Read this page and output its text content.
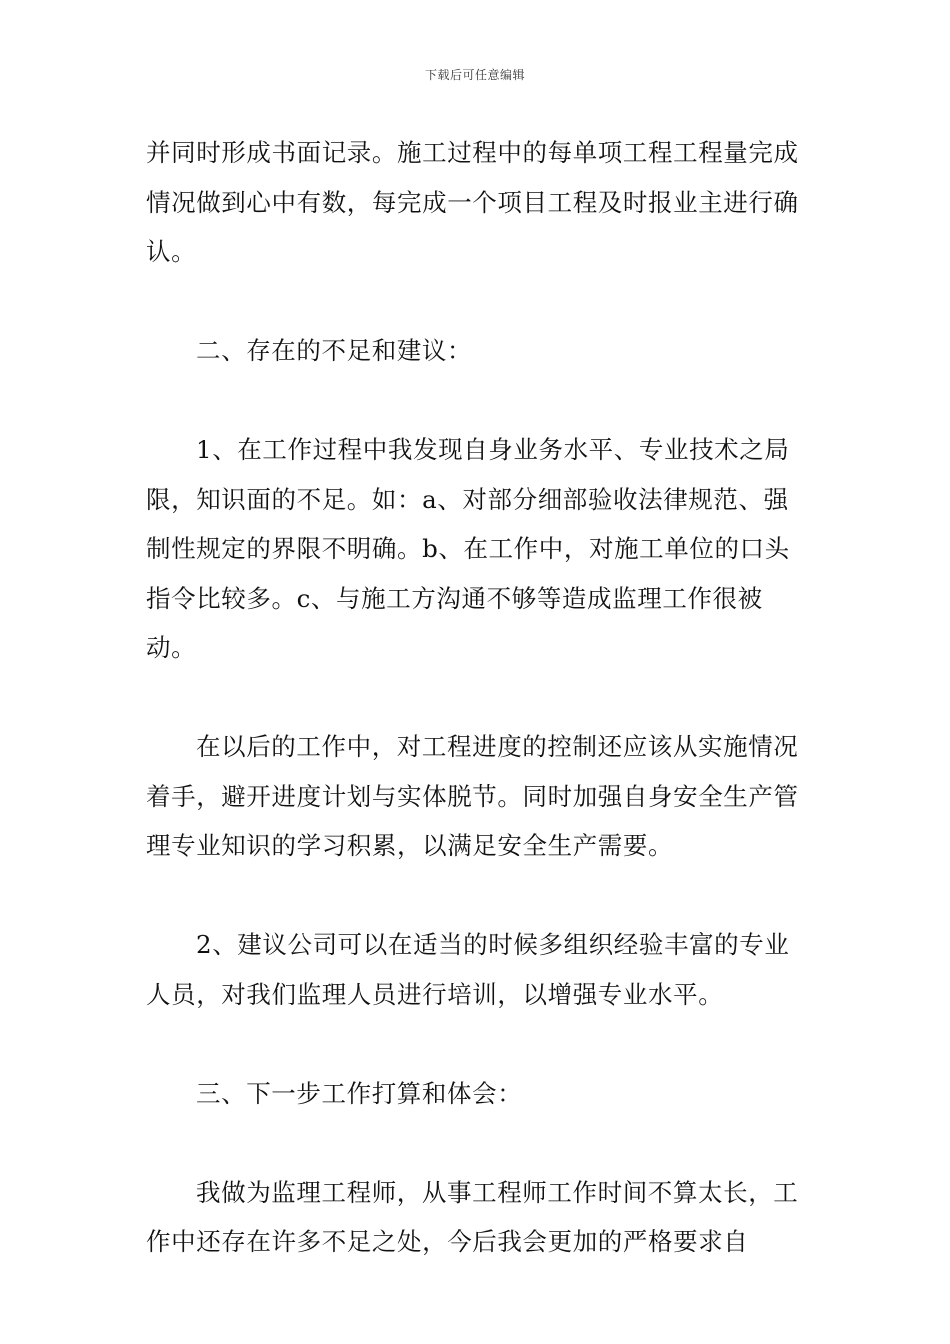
下载后可任意编辑

并同时形成书面记录。施工过程中的每单项工程工程量完成情况做到心中有数，每完成一个项目工程及时报业主进行确认。

二、存在的不足和建议：

1、在工作过程中我发现自身业务水平、专业技术之局限，知识面的不足。如：a、对部分细部验收法律规范、强制性规定的界限不明确。b、在工作中，对施工单位的口头指令比较多。c、与施工方沟通不够等造成监理工作很被动。

在以后的工作中，对工程进度的控制还应该从实施情况着手，避开进度计划与实体脱节。同时加强自身安全生产管理专业知识的学习积累，以满足安全生产需要。

2、建议公司可以在适当的时候多组织经验丰富的专业人员，对我们监理人员进行培训，以增强专业水平。

三、下一步工作打算和体会：

我做为监理工程师，从事工程师工作时间不算太长，工作中还存在许多不足之处，今后我会更加的严格要求自
